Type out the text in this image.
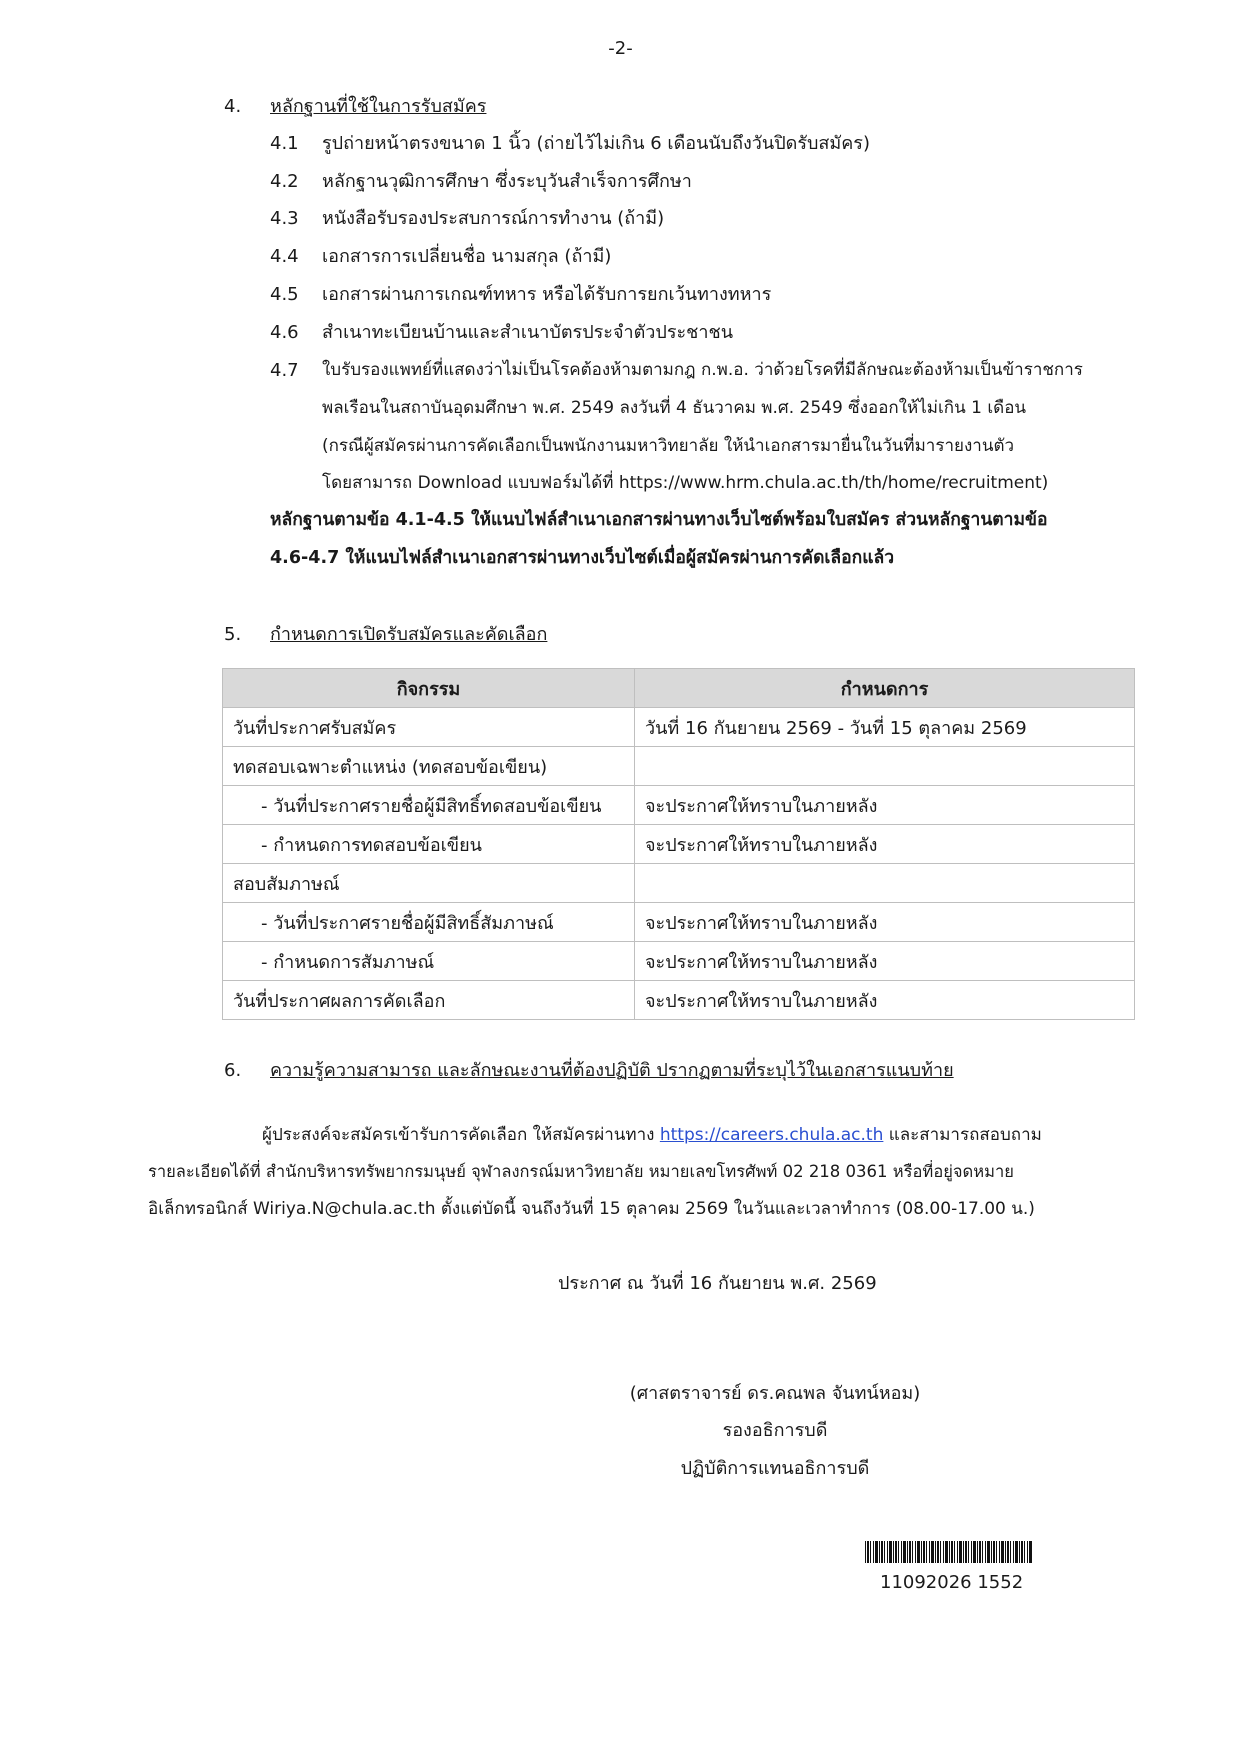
-2-
4. หลักฐานที่ใช้ในการรับสมัคร
4.1 รูปถ่ายหน้าตรงขนาด 1 นิ้ว (ถ่ายไว้ไม่เกิน 6 เดือนนับถึงวันปิดรับสมัคร)
4.2 หลักฐานวุฒิการศึกษา ซึ่งระบุวันสำเร็จการศึกษา
4.3 หนังสือรับรองประสบการณ์การทำงาน (ถ้ามี)
4.4 เอกสารการเปลี่ยนชื่อ นามสกุล (ถ้ามี)
4.5 เอกสารผ่านการเกณฑ์ทหาร หรือได้รับการยกเว้นทางทหาร
4.6 สำเนาทะเบียนบ้านและสำเนาบัตรประจำตัวประชาชน
4.7 ใบรับรองแพทย์ที่แสดงว่าไม่เป็นโรคต้องห้ามตามกฎ ก.พ.อ. ว่าด้วยโรคที่มีลักษณะต้องห้ามเป็นข้าราชการ
พลเรือนในสถาบันอุดมศึกษา พ.ศ. 2549 ลงวันที่ 4 ธันวาคม พ.ศ. 2549 ซึ่งออกให้ไม่เกิน 1 เดือน
(กรณีผู้สมัครผ่านการคัดเลือกเป็นพนักงานมหาวิทยาลัย ให้นำเอกสารมายื่นในวันที่มารายงานตัว
โดยสามารถ Download แบบฟอร์มได้ที่ https://www.hrm.chula.ac.th/th/home/recruitment)
หลักฐานตามข้อ 4.1-4.5 ให้แนบไฟล์สำเนาเอกสารผ่านทางเว็บไซต์พร้อมใบสมัคร ส่วนหลักฐานตามข้อ
4.6-4.7 ให้แนบไฟล์สำเนาเอกสารผ่านทางเว็บไซต์เมื่อผู้สมัครผ่านการคัดเลือกแล้ว
5. กำหนดการเปิดรับสมัครและคัดเลือก
กิจกรรม	กำหนดการ
วันที่ประกาศรับสมัคร	วันที่ 16 กันยายน 2569 - วันที่ 15 ตุลาคม 2569
ทดสอบเฉพาะตำแหน่ง (ทดสอบข้อเขียน)	
- วันที่ประกาศรายชื่อผู้มีสิทธิ์ทดสอบข้อเขียน	จะประกาศให้ทราบในภายหลัง
- กำหนดการทดสอบข้อเขียน	จะประกาศให้ทราบในภายหลัง
สอบสัมภาษณ์	
- วันที่ประกาศรายชื่อผู้มีสิทธิ์สัมภาษณ์	จะประกาศให้ทราบในภายหลัง
- กำหนดการสัมภาษณ์	จะประกาศให้ทราบในภายหลัง
วันที่ประกาศผลการคัดเลือก	จะประกาศให้ทราบในภายหลัง
6. ความรู้ความสามารถ และลักษณะงานที่ต้องปฏิบัติ ปรากฏตามที่ระบุไว้ในเอกสารแนบท้าย
ผู้ประสงค์จะสมัครเข้ารับการคัดเลือก ให้สมัครผ่านทาง https://careers.chula.ac.th และสามารถสอบถาม
รายละเอียดได้ที่ สำนักบริหารทรัพยากรมนุษย์ จุฬาลงกรณ์มหาวิทยาลัย หมายเลขโทรศัพท์ 02 218 0361 หรือที่อยู่จดหมาย
อิเล็กทรอนิกส์ Wiriya.N@chula.ac.th ตั้งแต่บัดนี้ จนถึงวันที่ 15 ตุลาคม 2569 ในวันและเวลาทำการ (08.00-17.00 น.)
ประกาศ ณ วันที่ 16 กันยายน พ.ศ. 2569
(ศาสตราจารย์ ดร.คณพล จันทน์หอม)
รองอธิการบดี
ปฏิบัติการแทนอธิการบดี
11092026 1552
